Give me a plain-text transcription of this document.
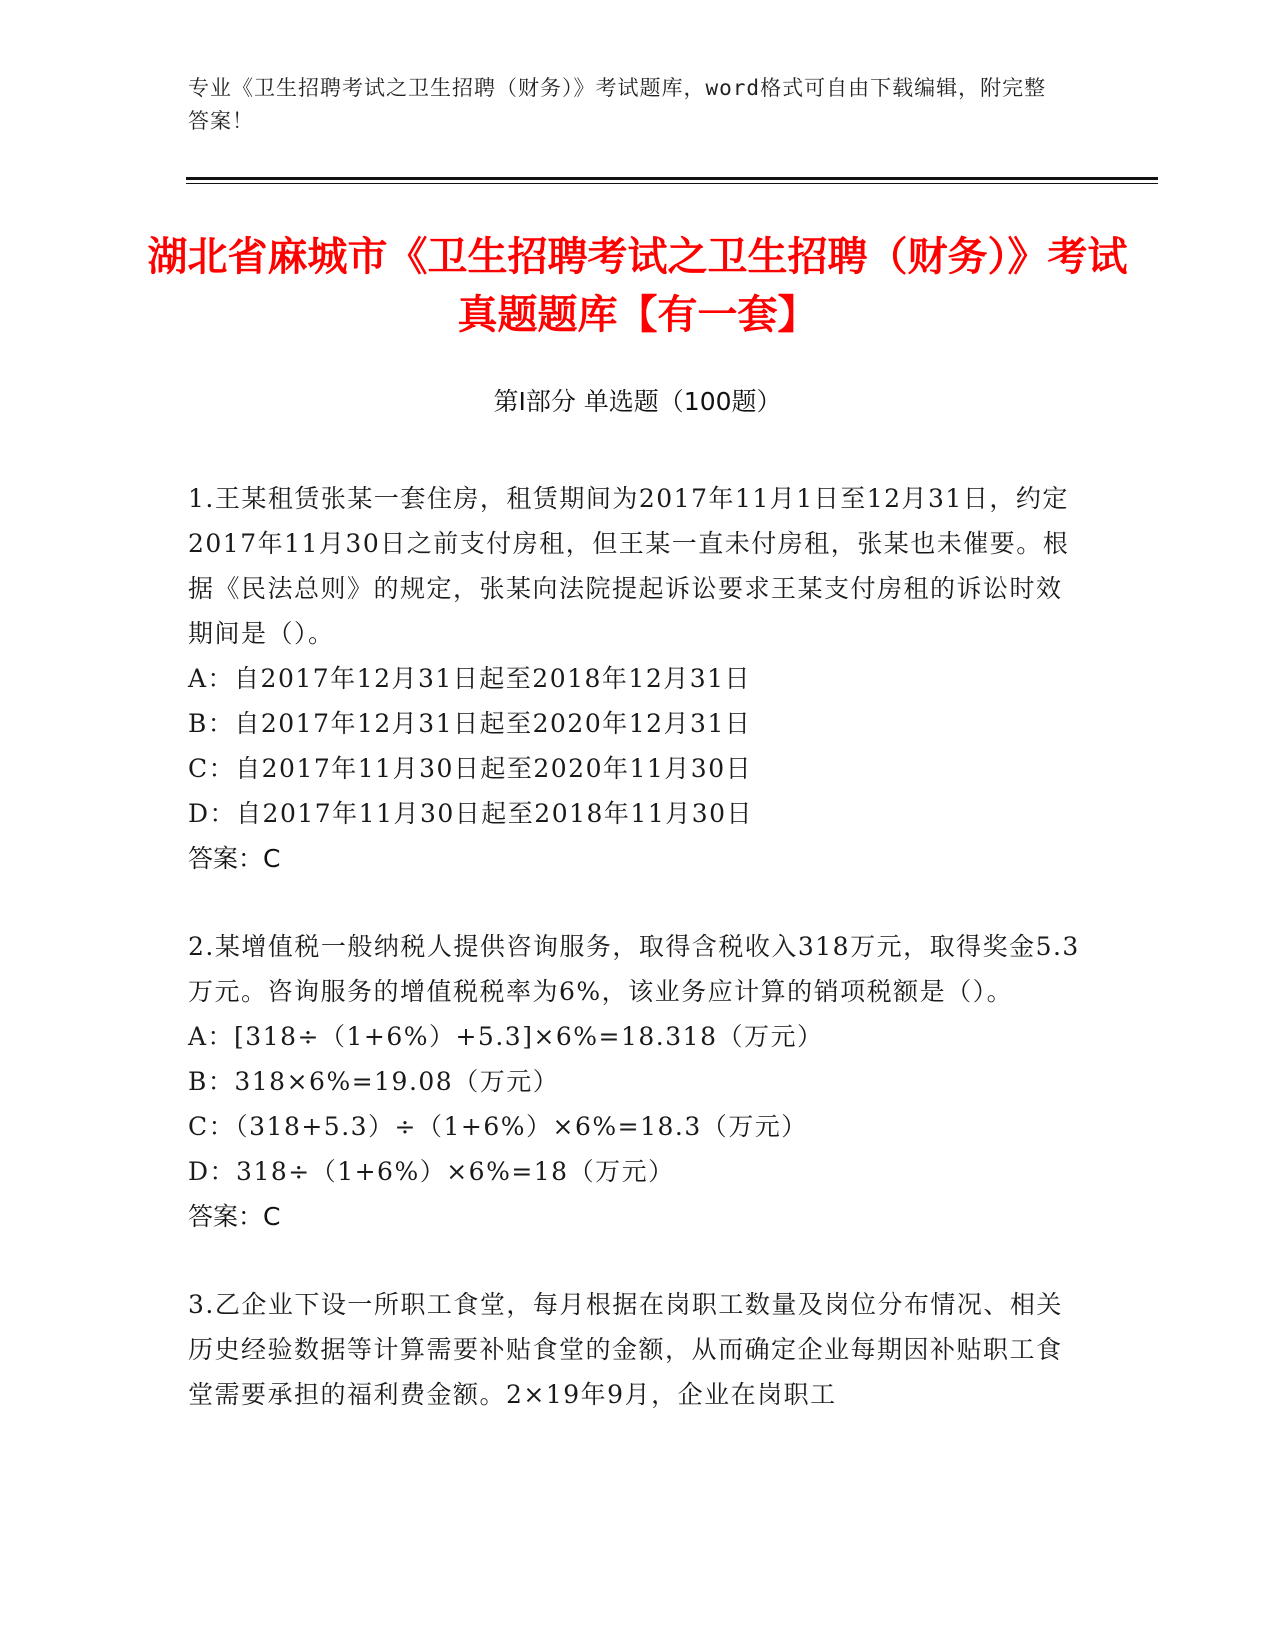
专业《卫生招聘考试之卫生招聘（财务）》考试题库，word格式可自由下载编辑，附完整答案！
湖北省麻城市《卫生招聘考试之卫生招聘（财务）》考试真题题库【有一套】
第Ⅰ部分 单选题（100题）
1.王某租赁张某一套住房，租赁期间为2017年11月1日至12月31日，约定2017年11月30日之前支付房租，但王某一直未付房租，张某也未催要。根据《民法总则》的规定，张某向法院提起诉讼要求王某支付房租的诉讼时效期间是（）。
A：自2017年12月31日起至2018年12月31日
B：自2017年12月31日起至2020年12月31日
C：自2017年11月30日起至2020年11月30日
D：自2017年11月30日起至2018年11月30日
答案：C
2.某增值税一般纳税人提供咨询服务，取得含税收入318万元，取得奖金5.3万元。咨询服务的增值税税率为6%，该业务应计算的销项税额是（）。
A：[318÷（1+6%）+5.3]×6%=18.318（万元）
B：318×6%=19.08（万元）
C：（318+5.3）÷（1+6%）×6%=18.3（万元）
D：318÷（1+6%）×6%=18（万元）
答案：C
3.乙企业下设一所职工食堂，每月根据在岗职工数量及岗位分布情况、相关历史经验数据等计算需要补贴食堂的金额，从而确定企业每期因补贴职工食堂需要承担的福利费金额。2×19年9月，企业在岗职工
